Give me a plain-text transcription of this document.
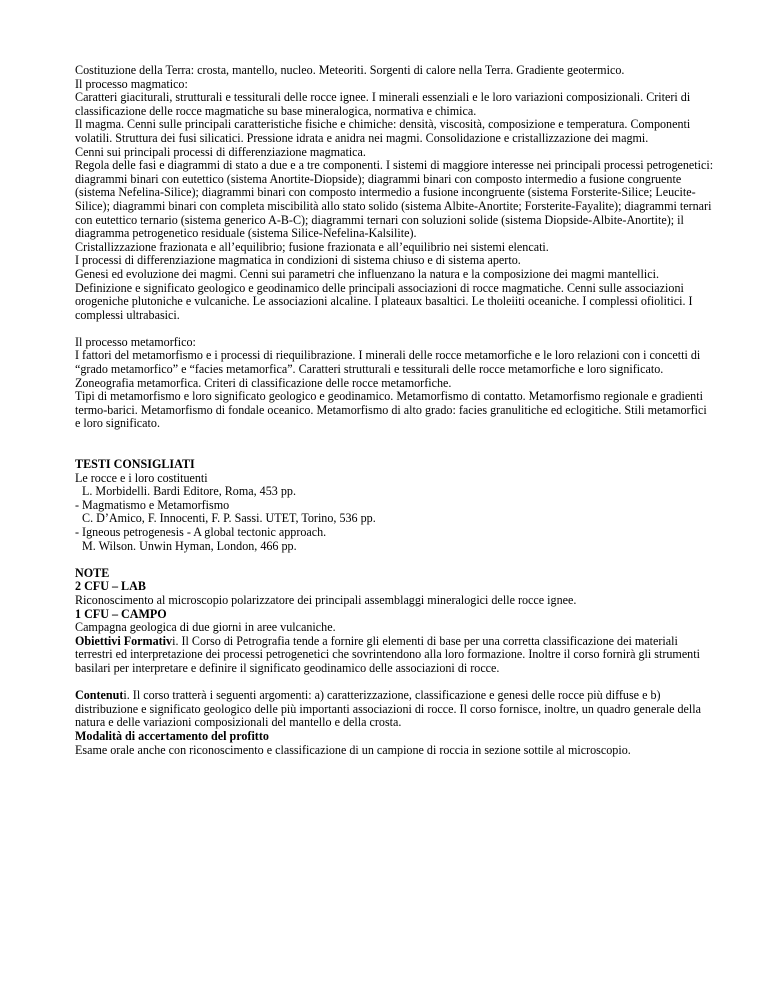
Costituzione della Terra: crosta, mantello, nucleo. Meteoriti. Sorgenti di calore nella Terra. Gradiente geotermico.

Il processo magmatico:

Caratteri giaciturali, strutturali e tessiturali delle rocce ignee. I minerali essenziali e le loro variazioni composizionali. Criteri di classificazione delle rocce magmatiche su base mineralogica, normativa e chimica.

Il magma. Cenni sulle principali caratteristiche fisiche e chimiche: densità, viscosità, composizione e temperatura. Componenti volatili. Struttura dei fusi silicatici. Pressione idrata e anidra nei magmi. Consolidazione e cristallizzazione dei magmi.

Cenni sui principali processi di differenziazione magmatica.

Regola delle fasi e diagrammi di stato a due e a tre componenti. I sistemi di maggiore interesse nei principali processi petrogenetici: diagrammi binari con eutettico (sistema Anortite-Diopside); diagrammi binari con composto intermedio a fusione congruente (sistema Nefelina-Silice); diagrammi binari con composto intermedio a fusione incongruente (sistema Forsterite-Silice; Leucite-Silice); diagrammi binari con completa miscibilità allo stato solido (sistema Albite-Anortite; Forsterite-Fayalite); diagrammi ternari con eutettico ternario (sistema generico A-B-C); diagrammi ternari con soluzioni solide (sistema Diopside-Albite-Anortite); il diagramma petrogenetico residuale (sistema Silice-Nefelina-Kalsilite).

Cristallizzazione frazionata e all’equilibrio; fusione frazionata e all’equilibrio nei sistemi elencati.

I processi di differenziazione magmatica in condizioni di sistema chiuso e di sistema aperto.

Genesi ed evoluzione dei magmi. Cenni sui parametri che influenzano la natura e la composizione dei magmi mantellici. Definizione e significato geologico e geodinamico delle principali associazioni di rocce magmatiche. Cenni sulle associazioni orogeniche plutoniche e vulcaniche. Le associazioni alcaline. I plateaux basaltici. Le tholeiiti oceaniche. I complessi ofiolitici. I complessi ultrabasici.

Il processo metamorfico:

I fattori del metamorfismo e i processi di riequilibrazione. I minerali delle rocce metamorfiche e le loro relazioni con i concetti di “grado metamorfico” e “facies metamorfica”. Caratteri strutturali e tessiturali delle rocce metamorfiche e loro significato. Zoneografia metamorfica. Criteri di classificazione delle rocce metamorfiche.

Tipi di metamorfismo e loro significato geologico e geodinamico. Metamorfismo di contatto. Metamorfismo regionale e gradienti termo-barici. Metamorfismo di fondale oceanico. Metamorfismo di alto grado: facies granulitiche ed eclogitiche. Stili metamorfici e loro significato.

TESTI CONSIGLIATI

Le rocce e i loro costituenti

L. Morbidelli. Bardi Editore, Roma, 453 pp.

- Magmatismo e Metamorfismo

C. D’Amico, F. Innocenti, F. P. Sassi. UTET, Torino, 536 pp.

- Igneous petrogenesis - A global tectonic approach.

M. Wilson. Unwin Hyman, London, 466 pp.

NOTE

2 CFU – LAB

Riconoscimento al microscopio polarizzatore dei principali assemblaggi mineralogici delle rocce ignee.

1 CFU – CAMPO

Campagna geologica di due giorni in aree vulcaniche.

Obiettivi Formativi. Il Corso di Petrografia tende a fornire gli elementi di base per una corretta classificazione dei materiali terrestri ed interpretazione dei processi petrogenetici che sovrintendono alla loro formazione. Inoltre il corso fornirà gli strumenti basilari per interpretare e definire il significato geodinamico delle associazioni di rocce.

Contenuti. Il corso tratterà i seguenti argomenti: a) caratterizzazione, classificazione e genesi delle rocce più diffuse e b) distribuzione e significato geologico delle più importanti associazioni di rocce. Il corso fornisce, inoltre, un quadro generale della natura e delle variazioni composizionali del mantello e della crosta.

Modalità di accertamento del profitto

Esame orale anche con riconoscimento e classificazione di un campione di roccia in sezione sottile al microscopio.
